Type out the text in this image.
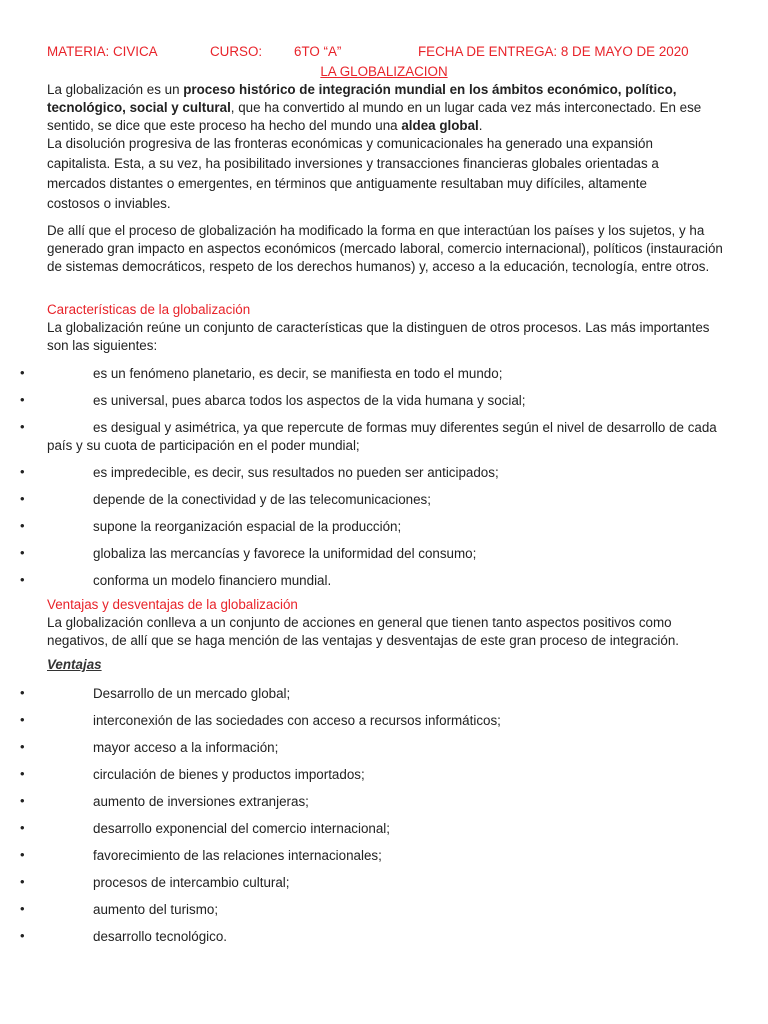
MATERIA: CIVICA	CURSO: 6TO “A”	FECHA DE ENTREGA: 8 DE MAYO DE 2020
LA GLOBALIZACION

La globalización es un proceso histórico de integración mundial en los ámbitos económico, político, tecnológico, social y cultural, que ha convertido al mundo en un lugar cada vez más interconectado. En ese sentido, se dice que este proceso ha hecho del mundo una aldea global.

La disolución progresiva de las fronteras económicas y comunicacionales ha generado una expansión

capitalista. Esta, a su vez, ha posibilitado inversiones y transacciones financieras globales orientadas a

mercados distantes o emergentes, en términos que antiguamente resultaban muy difíciles, altamente

costosos o inviables.

De allí que el proceso de globalización ha modificado la forma en que interactúan los países y los sujetos, y ha generado gran impacto en aspectos económicos (mercado laboral, comercio internacional), políticos (instauración de sistemas democráticos, respeto de los derechos humanos) y, acceso a la educación, tecnología, entre otros.

Características de la globalización

La globalización reúne un conjunto de características que la distinguen de otros procesos. Las más importantes son las siguientes:

•	es un fenómeno planetario, es decir, se manifiesta en todo el mundo;
•	es universal, pues abarca todos los aspectos de la vida humana y social;
•	es desigual y asimétrica, ya que repercute de formas muy diferentes según el nivel de desarrollo de cada país y su cuota de participación en el poder mundial;
•	es impredecible, es decir, sus resultados no pueden ser anticipados;
•	depende de la conectividad y de las telecomunicaciones;
•	supone la reorganización espacial de la producción;
•	globaliza las mercancías y favorece la uniformidad del consumo;
•	conforma un modelo financiero mundial.
Ventajas y desventajas de la globalización

La globalización conlleva a un conjunto de acciones en general que tienen tanto aspectos positivos como negativos, de allí que se haga mención de las ventajas y desventajas de este gran proceso de integración.

Ventajas
•	Desarrollo de un mercado global;
•	interconexión de las sociedades con acceso a recursos informáticos;
•	mayor acceso a la información;
•	circulación de bienes y productos importados;
•	aumento de inversiones extranjeras;
•	desarrollo exponencial del comercio internacional;
•	favorecimiento de las relaciones internacionales;
•	procesos de intercambio cultural;
•	aumento del turismo;
•	desarrollo tecnológico.
